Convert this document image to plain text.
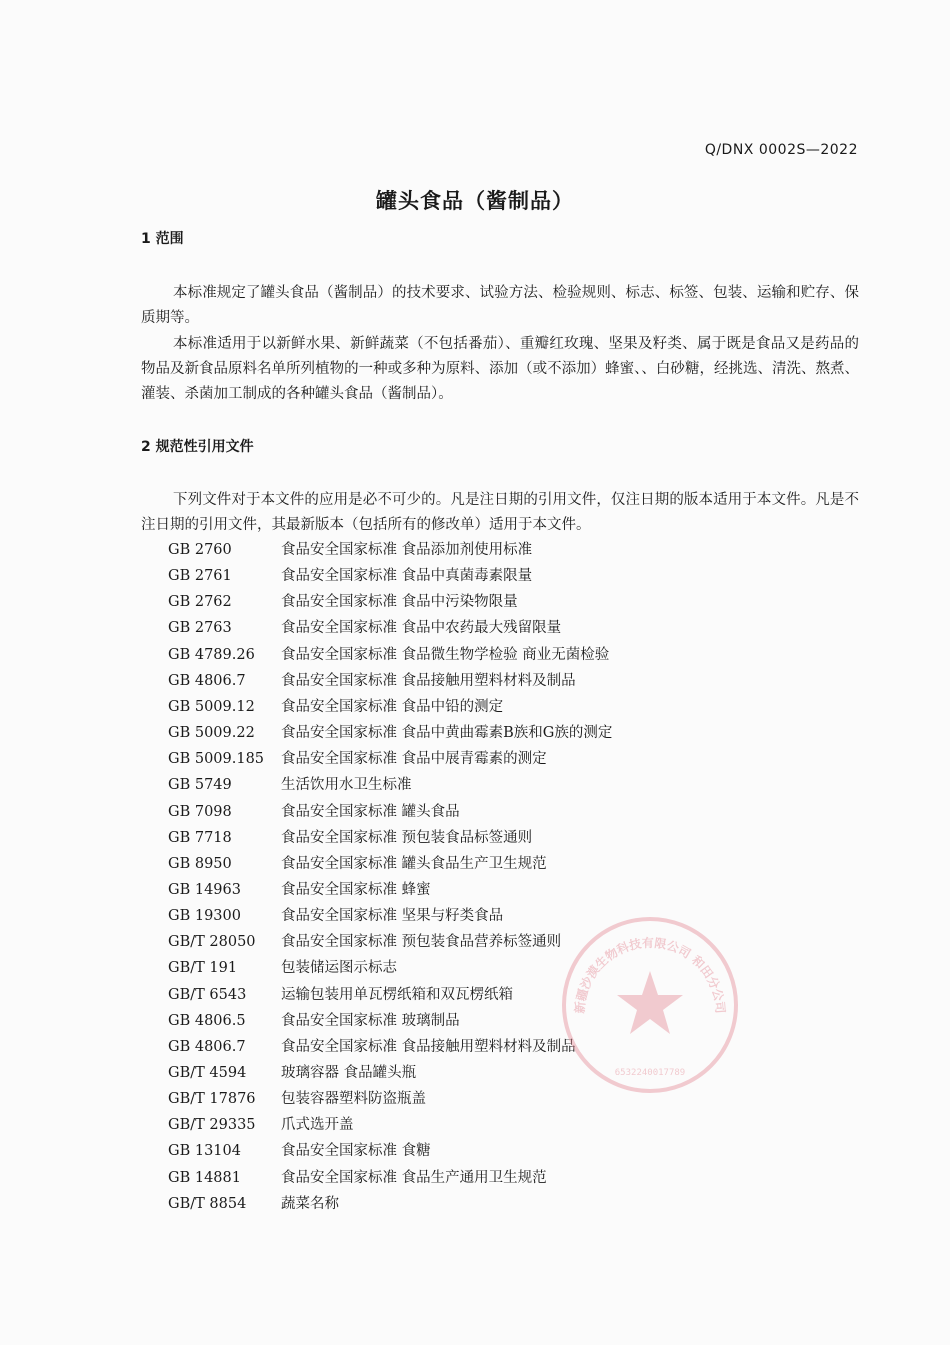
Q/DNX 0002S—2022
罐头食品（酱制品）
1 范围
本标准规定了罐头食品（酱制品）的技术要求、试验方法、检验规则、标志、标签、包装、运输和贮存、保质期等。
本标准适用于以新鲜水果、新鲜蔬菜（不包括番茄）、重瓣红玫瑰、坚果及籽类、属于既是食品又是药品的物品及新食品原料名单所列植物的一种或多种为原料、添加（或不添加）蜂蜜、、白砂糖，经挑选、清洗、熬煮、灌装、杀菌加工制成的各种罐头食品（酱制品）。
2 规范性引用文件
下列文件对于本文件的应用是必不可少的。凡是注日期的引用文件，仅注日期的版本适用于本文件。凡是不注日期的引用文件，其最新版本（包括所有的修改单）适用于本文件。
GB 2760	食品安全国家标准 食品添加剂使用标准
GB 2761	食品安全国家标准 食品中真菌毒素限量
GB 2762	食品安全国家标准 食品中污染物限量
GB 2763	食品安全国家标准 食品中农药最大残留限量
GB 4789.26 食品安全国家标准 食品微生物学检验 商业无菌检验
GB 4806.7 食品安全国家标准 食品接触用塑料材料及制品
GB 5009.12 食品安全国家标准 食品中铅的测定
GB 5009.22 食品安全国家标准 食品中黄曲霉素B族和G族的测定
GB 5009.185 食品安全国家标准 食品中展青霉素的测定
GB 5749	生活饮用水卫生标准
GB 7098	食品安全国家标准 罐头食品
GB 7718	食品安全国家标准 预包装食品标签通则
GB 8950	食品安全国家标准 罐头食品生产卫生规范
GB 14963	食品安全国家标准 蜂蜜
GB 19300	食品安全国家标准 坚果与籽类食品
GB/T 28050 食品安全国家标准 预包装食品营养标签通则
GB/T 191	包装储运图示标志
GB/T 6543 运输包装用单瓦楞纸箱和双瓦楞纸箱
GB 4806.5 食品安全国家标准 玻璃制品
GB 4806.7 食品安全国家标准 食品接触用塑料材料及制品
GB/T 4594 玻璃容器 食品罐头瓶
GB/T 17876 包装容器塑料防盗瓶盖
GB/T 29335 爪式选开盖
GB 13104	食品安全国家标准 食糖
GB 14881	食品安全国家标准 食品生产通用卫生规范
GB/T 8854 蔬菜名称
新疆沙漠生物科技有限公司 和田分公司
6532240017789
